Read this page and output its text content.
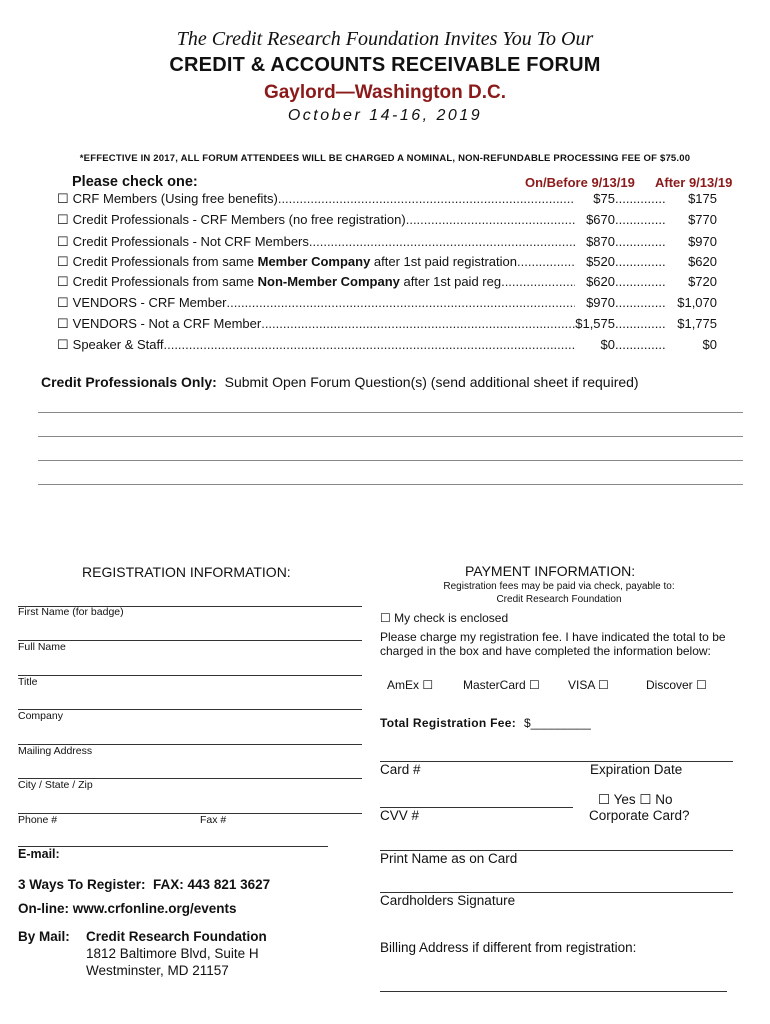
The Credit Research Foundation Invites You To Our
CREDIT & ACCOUNTS RECEIVABLE FORUM
Gaylord—Washington D.C.
October 14-16, 2019
*EFFECTIVE IN 2017, ALL FORUM ATTENDEES WILL BE CHARGED A NOMINAL, NON-REFUNDABLE PROCESSING FEE OF $75.00
Please check one:	On/Before 9/13/19 After 9/13/19
☐ CRF Members (Using free benefits) .....	$75 .....	$175
☐ Credit Professionals - CRF Members (no free registration) .....	$670 .....	$770
☐ Credit Professionals - Not CRF Members .....	$870 .....	$970
☐ Credit Professionals from same Member Company after 1st paid registration .....	$520 .....	$620
☐ Credit Professionals from same Non-Member Company after 1st paid reg. .....	$620 .....	$720
☐ VENDORS - CRF Member .....	$970 .....	$1,070
☐ VENDORS - Not a CRF Member .....	$1,575 .....	$1,775
☐ Speaker & Staff .....	$0 .....	$0
Credit Professionals Only:  Submit Open Forum Question(s) (send additional sheet if required)
REGISTRATION INFORMATION:
First Name (for badge)
Full Name
Title
Company
Mailing Address
City / State / Zip
Phone #	Fax #
E-mail:
3 Ways To Register:  FAX: 443 821 3627
On-line: www.crfonline.org/events
By Mail: Credit Research Foundation
1812 Baltimore Blvd, Suite H
Westminster, MD 21157
PAYMENT INFORMATION:
Registration fees may be paid via check, payable to:
Credit Research Foundation
☐ My check is enclosed
Please charge my registration fee. I have indicated the total to be charged in the box and have completed the information below:
AmEx ☐ MasterCard ☐ VISA ☐	Discover ☐
Total Registration Fee: $_________
Card #	Expiration Date
CVV #
☐ Yes ☐ No
Corporate Card?
Print Name as on Card
Cardholders Signature
Billing Address if different from registration:
